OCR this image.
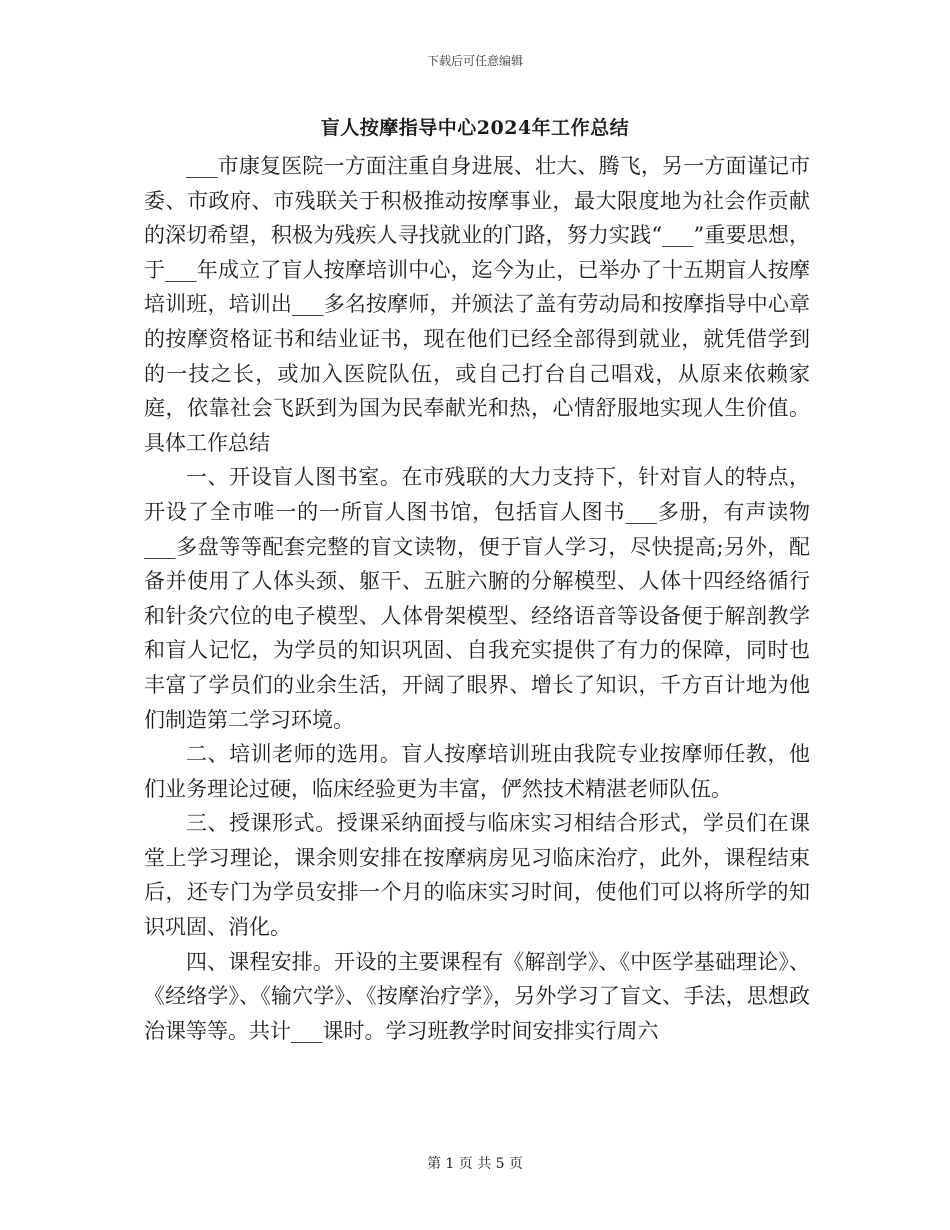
下载后可任意编辑
盲人按摩指导中心2024年工作总结

___市康复医院一方面注重自身进展、壮大、腾飞，另一方面谨记市委、市政府、市残联关于积极推动按摩事业，最大限度地为社会作贡献的深切希望，积极为残疾人寻找就业的门路，努力实践“___”重要思想，于___年成立了盲人按摩培训中心，迄今为止，已举办了十五期盲人按摩培训班，培训出___多名按摩师，并颁法了盖有劳动局和按摩指导中心章的按摩资格证书和结业证书，现在他们已经全部得到就业，就凭借学到的一技之长，或加入医院队伍，或自己打台自己唱戏，从原来依赖家庭，依靠社会飞跃到为国为民奉献光和热，心情舒服地实现人生价值。具体工作总结

一、开设盲人图书室。在市残联的大力支持下，针对盲人的特点，开设了全市唯一的一所盲人图书馆，包括盲人图书___多册，有声读物___多盘等等配套完整的盲文读物，便于盲人学习，尽快提高;另外，配备并使用了人体头颈、躯干、五脏六腑的分解模型、人体十四经络循行和针灸穴位的电子模型、人体骨架模型、经络语音等设备便于解剖教学和盲人记忆，为学员的知识巩固、自我充实提供了有力的保障，同时也丰富了学员们的业余生活，开阔了眼界、增长了知识，千方百计地为他们制造第二学习环境。

二、培训老师的选用。盲人按摩培训班由我院专业按摩师任教，他们业务理论过硬，临床经验更为丰富，俨然技术精湛老师队伍。

三、授课形式。授课采纳面授与临床实习相结合形式，学员们在课堂上学习理论，课余则安排在按摩病房见习临床治疗，此外，课程结束后，还专门为学员安排一个月的临床实习时间，使他们可以将所学的知识巩固、消化。

四、课程安排。开设的主要课程有《解剖学》、《中医学基础理论》、《经络学》、《输穴学》、《按摩治疗学》，另外学习了盲文、手法，思想政治课等等。共计___课时。学习班教学时间安排实行周六

第 1 页 共 5 页
